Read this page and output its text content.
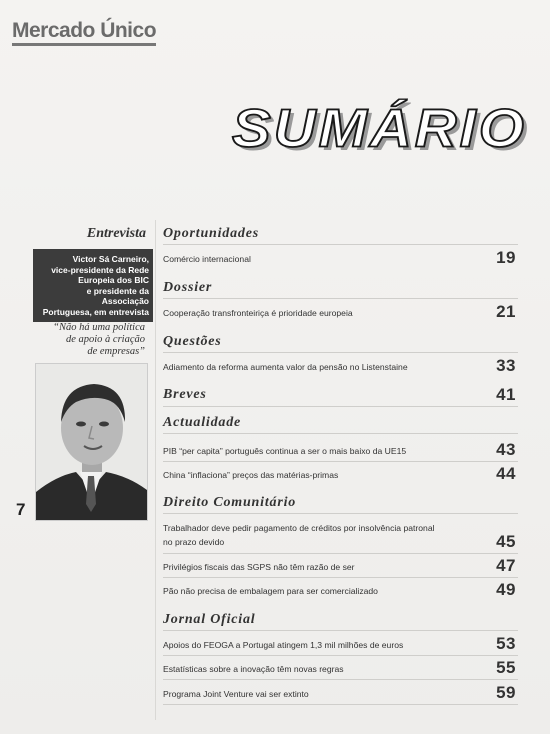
Mercado Único
SUMÁRIO
Entrevista
Victor Sá Carneiro,
vice-presidente da Rede
Europeia dos BIC
e presidente da Associação
Portuguesa, em entrevista
“Não há uma política
de apoio à criação
de empresas”
7
Oportunidades
Comércio internacional	19
Dossier
Cooperação transfronteiriça é prioridade europeia	21
Questões
Adiamento da reforma aumenta valor da pensão no Listenstaine	33
Breves	41
Actualidade
PIB “per capita” português continua a ser o mais baixo da UE15	43
China “inflaciona” preços das matérias-primas	44
Direito Comunitário
Trabalhador deve pedir pagamento de créditos por insolvência patronal
no prazo devido	45
Privilégios fiscais das SGPS não têm razão de ser	47
Pão não precisa de embalagem para ser comercializado	49
Jornal Oficial
Apoios do FEOGA a Portugal atingem 1,3 mil milhões de euros	53
Estatísticas sobre a inovação têm novas regras	55
Programa Joint Venture vai ser extinto	59
